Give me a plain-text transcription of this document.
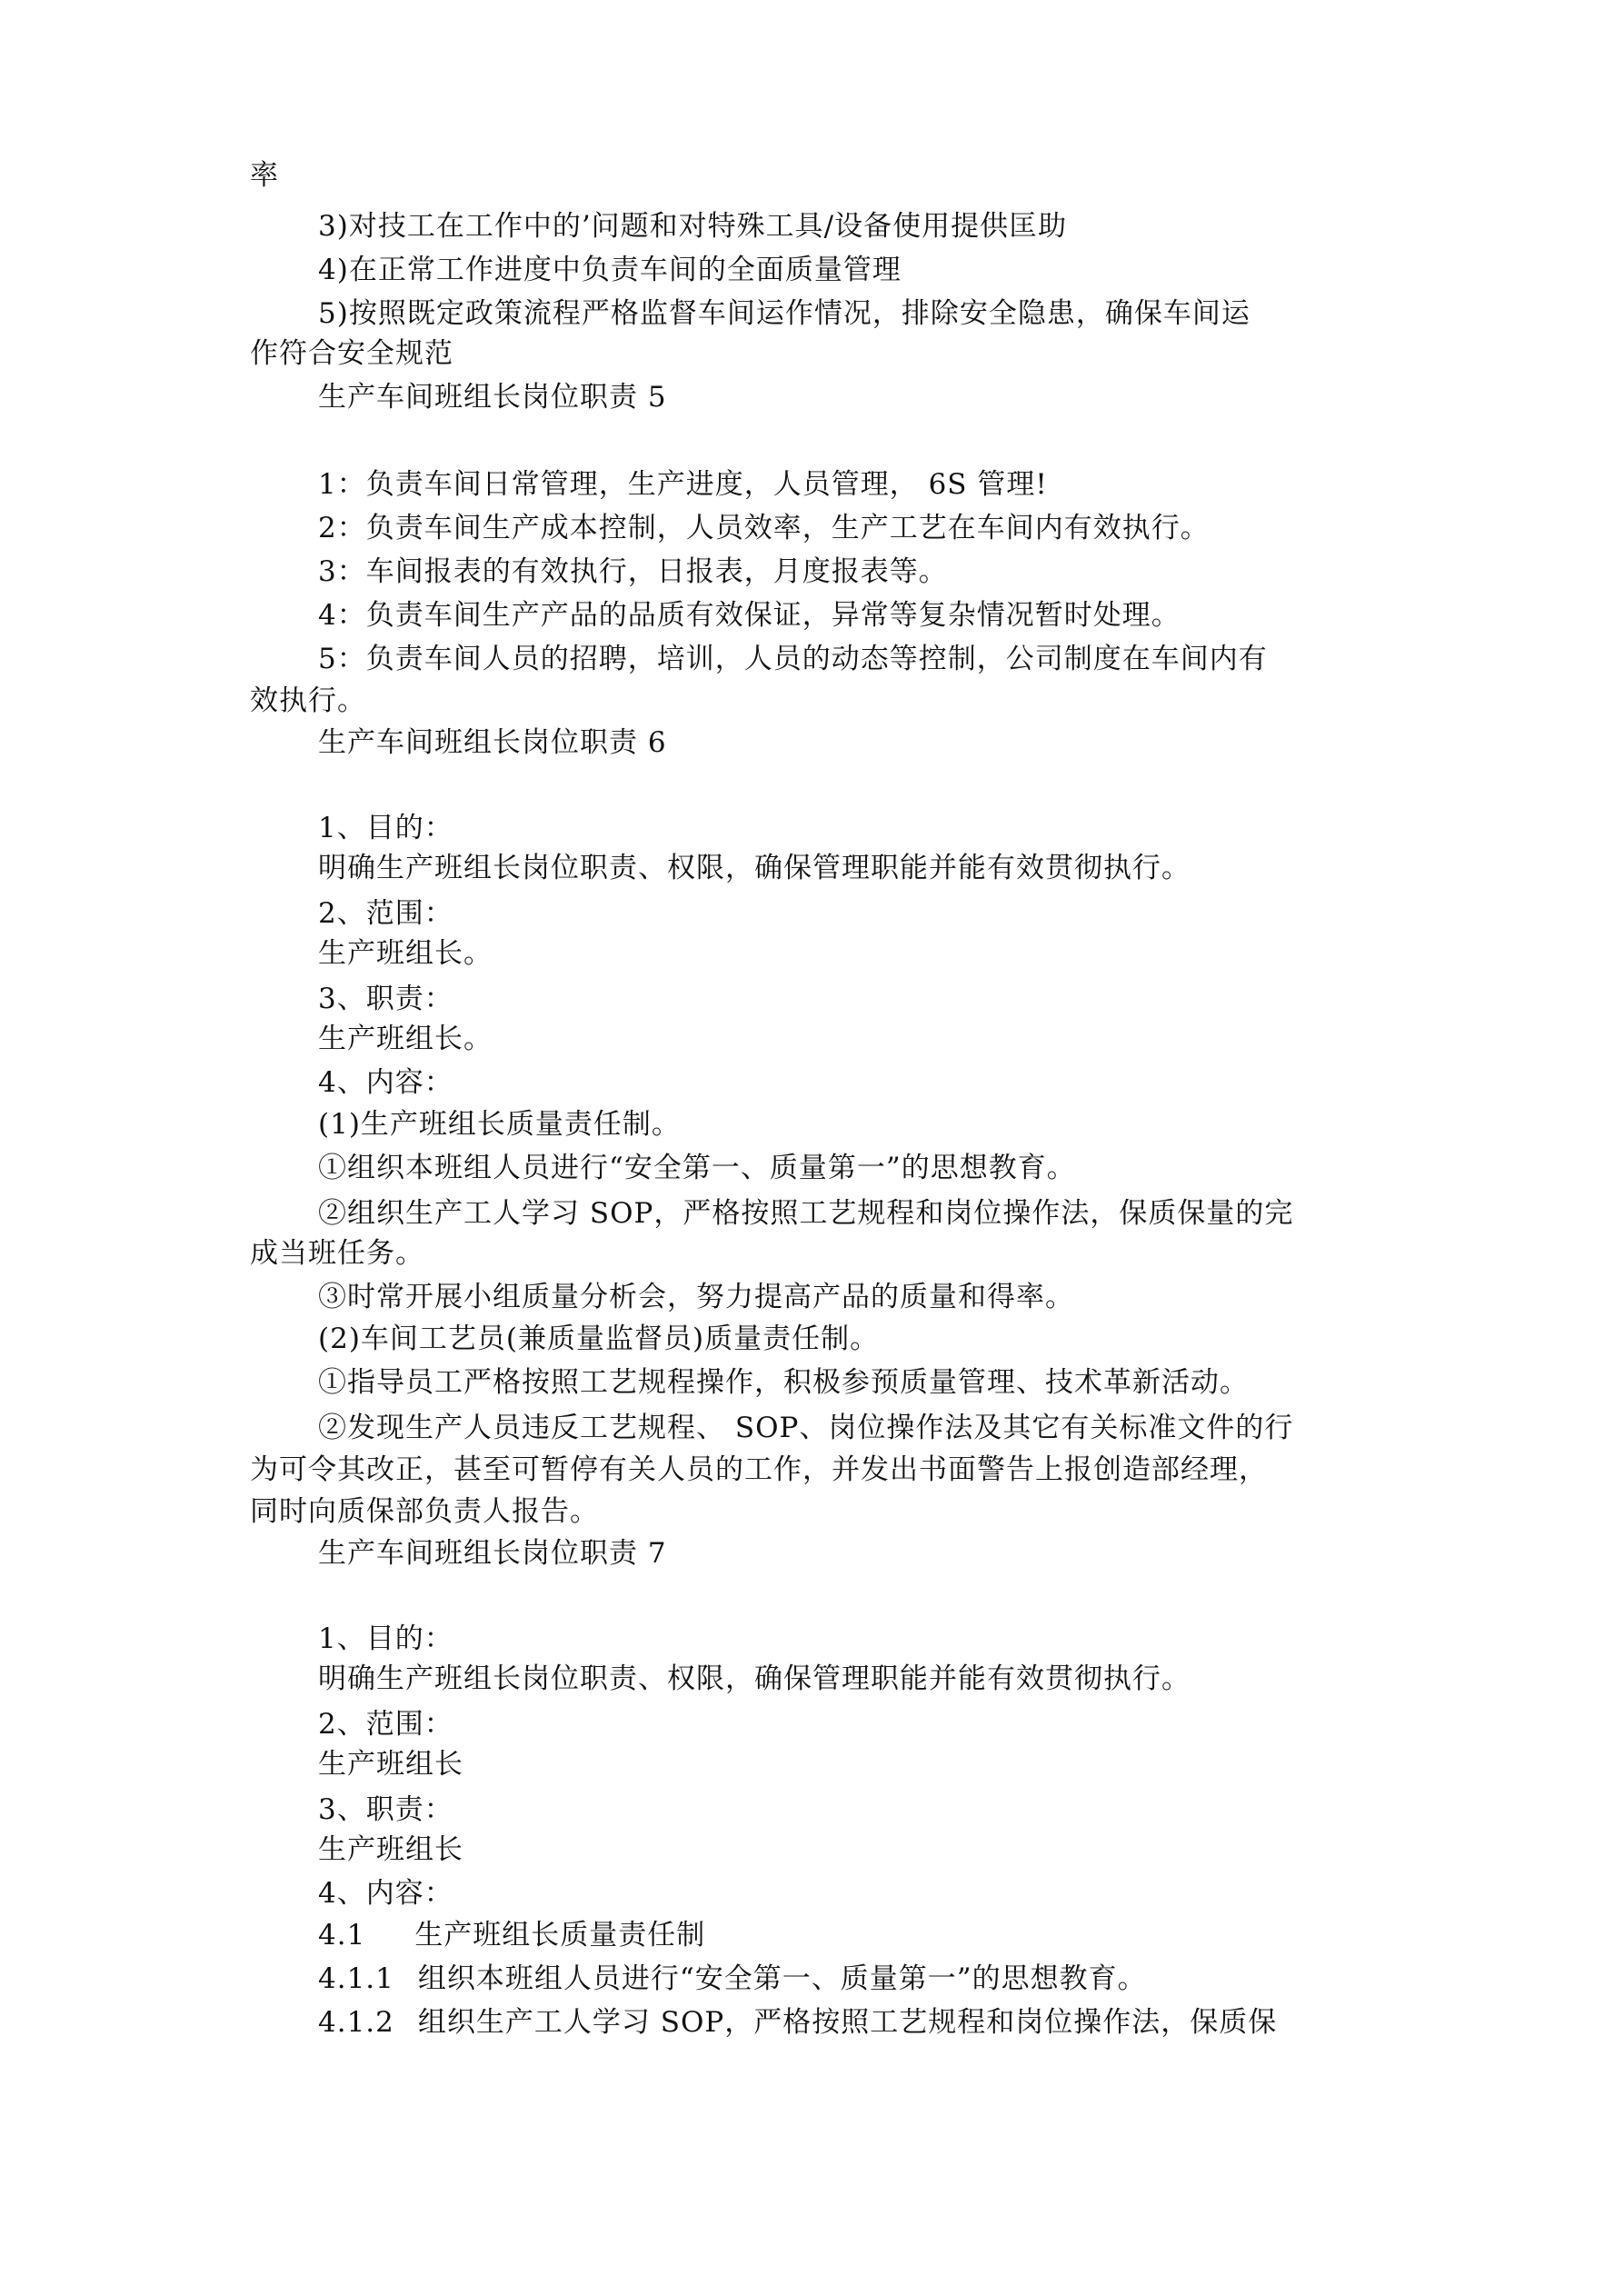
率
3)对技工在工作中的’问题和对特殊工具/设备使用提供匡助
4)在正常工作进度中负责车间的全面质量管理
5)按照既定政策流程严格监督车间运作情况，排除安全隐患，确保车间运
作符合安全规范
生产车间班组长岗位职责 5
1：负责车间日常管理，生产进度，人员管理， 6S 管理!
2：负责车间生产成本控制，人员效率，生产工艺在车间内有效执行。
3：车间报表的有效执行，日报表，月度报表等。
4：负责车间生产产品的品质有效保证，异常等复杂情况暂时处理。
5：负责车间人员的招聘，培训，人员的动态等控制，公司制度在车间内有
效执行。
生产车间班组长岗位职责 6
1、目的：
明确生产班组长岗位职责、权限，确保管理职能并能有效贯彻执行。
2、范围：
生产班组长。
3、职责：
生产班组长。
4、内容：
(1)生产班组长质量责任制。
①组织本班组人员进行“安全第一、质量第一”的思想教育。
②组织生产工人学习 SOP，严格按照工艺规程和岗位操作法，保质保量的完
成当班任务。
③时常开展小组质量分析会，努力提高产品的质量和得率。
(2)车间工艺员(兼质量监督员)质量责任制。
①指导员工严格按照工艺规程操作，积极参预质量管理、技术革新活动。
②发现生产人员违反工艺规程、 SOP、岗位操作法及其它有关标准文件的行
为可令其改正，甚至可暂停有关人员的工作，并发出书面警告上报创造部经理，
同时向质保部负责人报告。
生产车间班组长岗位职责 7
1、目的：
明确生产班组长岗位职责、权限，确保管理职能并能有效贯彻执行。
2、范围：
生产班组长
3、职责：
生产班组长
4、内容：
4.1 生产班组长质量责任制
4.1.1 组织本班组人员进行“安全第一、质量第一”的思想教育。
4.1.2 组织生产工人学习 SOP，严格按照工艺规程和岗位操作法，保质保
